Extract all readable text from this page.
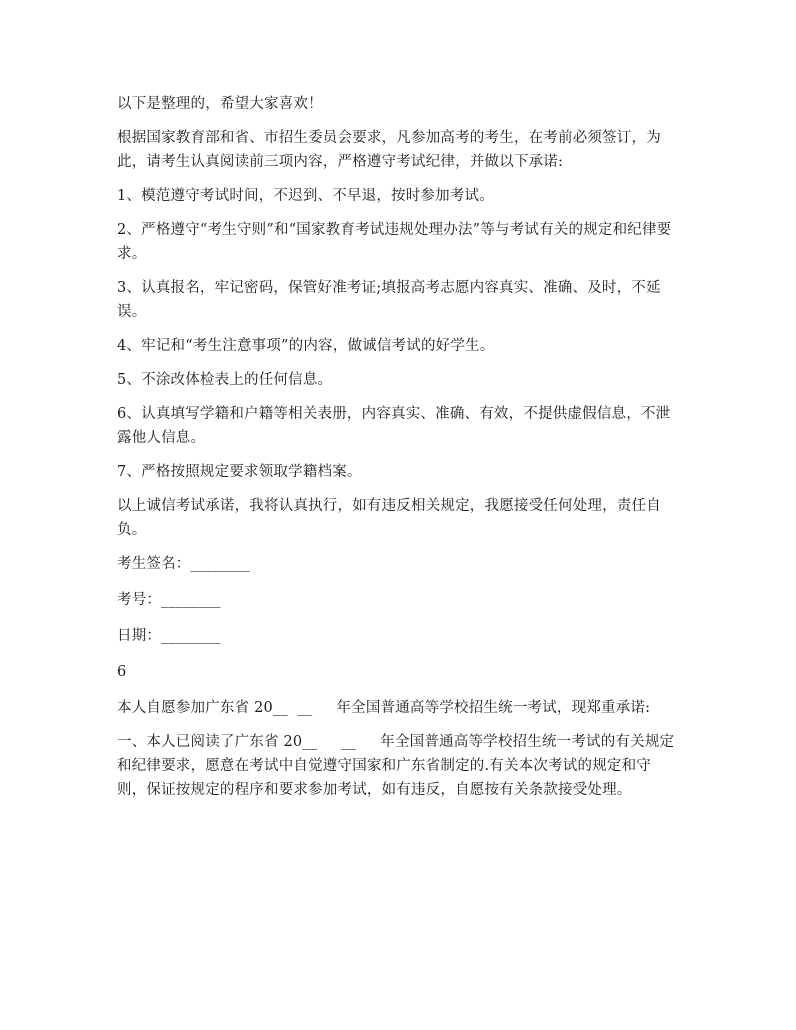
以下是整理的，希望大家喜欢！

根据国家教育部和省、市招生委员会要求，凡参加高考的考生，在考前必须签订，为此，请考生认真阅读前三项内容，严格遵守考试纪律，并做以下承诺:

1、模范遵守考试时间，不迟到、不早退，按时参加考试。

2、严格遵守“考生守则”和“国家教育考试违规处理办法”等与考试有关的规定和纪律要求。

3、认真报名，牢记密码，保管好准考证;填报高考志愿内容真实、准确、及时，不延误。

4、牢记和“考生注意事项”的内容，做诚信考试的好学生。

5、不涂改体检表上的任何信息。

6、认真填写学籍和户籍等相关表册，内容真实、准确、有效，不提供虚假信息，不泄露他人信息。

7、严格按照规定要求领取学籍档案。

以上诚信考试承诺，我将认真执行，如有违反相关规定，我愿接受任何处理，责任自负。

考生签名：________

考号：________

日期：________

6

本人自愿参加广东省 20__  __     年全国普通高等学校招生统一考试，现郑重承诺:

一、本人已阅读了广东省 20__     __     年全国普通高等学校招生统一考试的有关规定和纪律要求，愿意在考试中自觉遵守国家和广东省制定的.有关本次考试的规定和守则，保证按规定的程序和要求参加考试，如有违反，自愿按有关条款接受处理。
